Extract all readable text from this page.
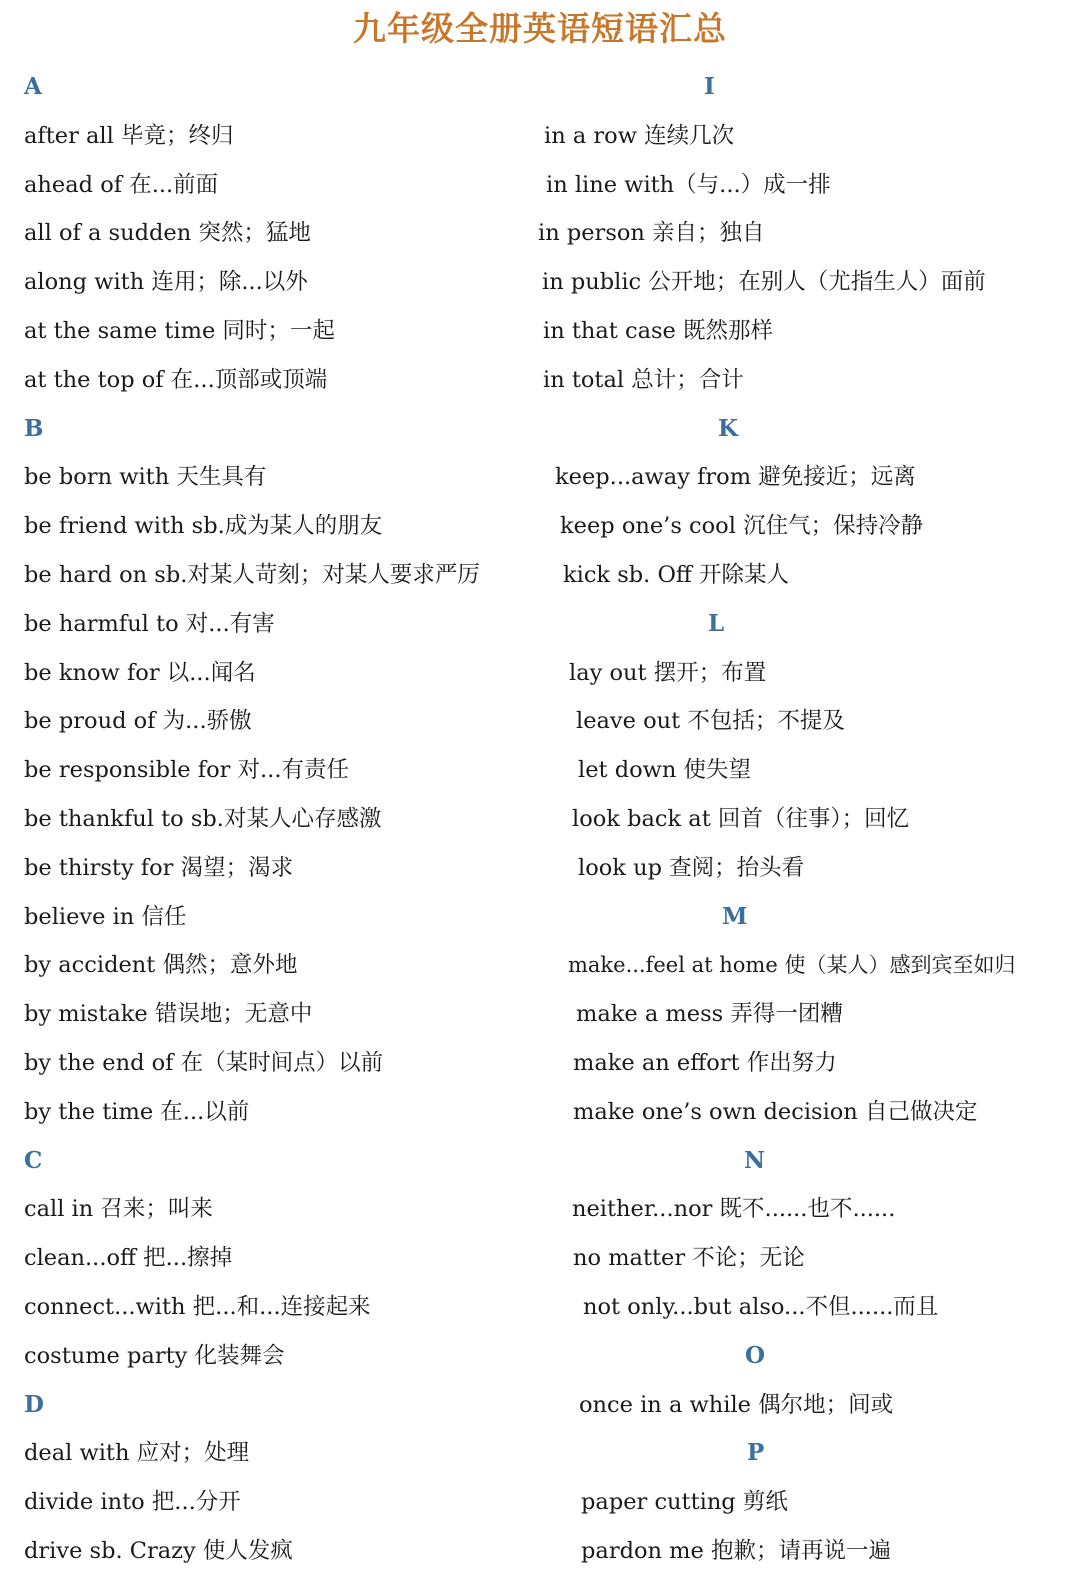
九年级全册英语短语汇总
A
after all 毕竟；终归
ahead of 在...前面
all of a sudden 突然；猛地
along with 连用；除...以外
at the same time 同时；一起
at the top of 在...顶部或顶端
B
be born with 天生具有
be friend with sb.成为某人的朋友
be hard on sb.对某人苛刻；对某人要求严厉
be harmful to 对...有害
be know for 以...闻名
be proud of 为...骄傲
be responsible for 对...有责任
be thankful to sb.对某人心存感激
be thirsty for 渴望；渴求
believe in 信任
by accident 偶然；意外地
by mistake 错误地；无意中
by the end of 在（某时间点）以前
by the time 在...以前
C
call in 召来；叫来
clean...off 把...擦掉
connect...with 把...和...连接起来
costume party 化装舞会
D
deal with 应对；处理
divide into 把...分开
drive sb. Crazy 使人发疯
I
in a row 连续几次
in line with（与...）成一排
in person 亲自；独自
in public 公开地；在别人（尤指生人）面前
in that case 既然那样
in total 总计；合计
K
keep...away from 避免接近；远离
keep one’s cool 沉住气；保持冷静
kick sb. Off 开除某人
L
lay out 摆开；布置
leave out 不包括；不提及
let down 使失望
look back at 回首（往事）；回忆
look up 查阅；抬头看
M
make...feel at home 使（某人）感到宾至如归
make a mess 弄得一团糟
make an effort 作出努力
make one’s own decision 自己做决定
N
neither...nor 既不......也不......
no matter 不论；无论
not only...but also...不但......而且
O
once in a while 偶尔地；间或
P
paper cutting 剪纸
pardon me 抱歉；请再说一遍
